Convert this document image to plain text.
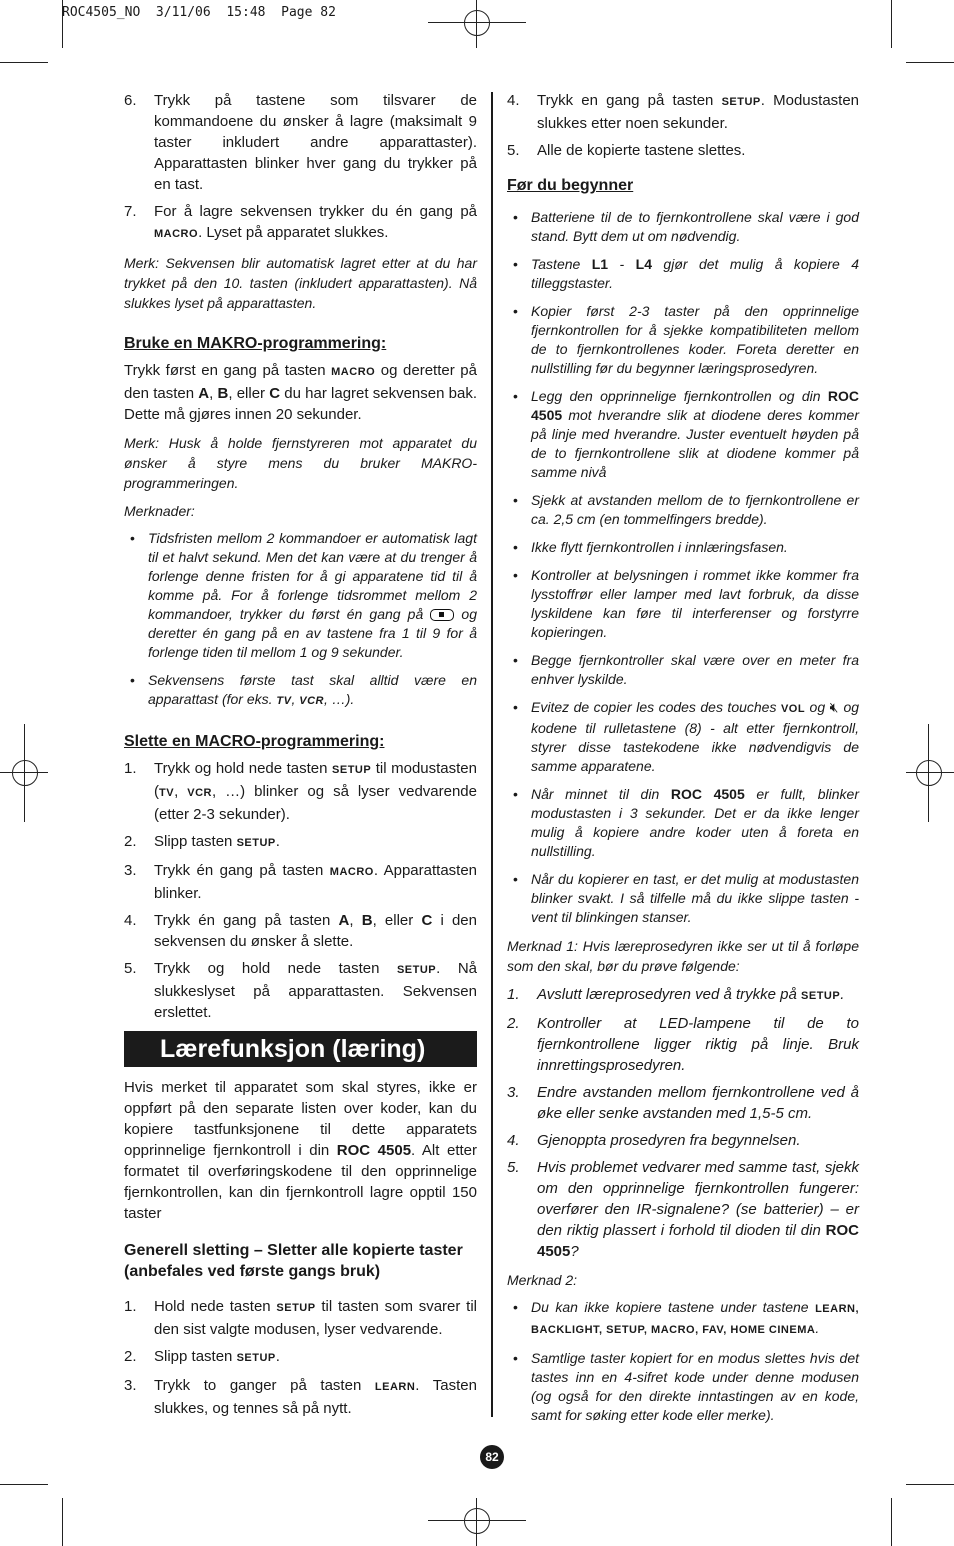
ROC4505_NO  3/11/06  15:48  Page 82
6. Trykk på tastene som tilsvarer de kommandoene du ønsker å lagre (maksimalt 9 taster inkludert andre apparattaster). Apparattasten blinker hver gang du trykker på en tast.
7. For å lagre sekvensen trykker du én gang på MACRO. Lyset på apparatet slukkes.

Merk: Sekvensen blir automatisk lagret etter at du har trykket på den 10. tasten (inkludert apparattasten). Nå slukkes lyset på apparattasten.

Bruke en MAKRO-programmering:

Trykk først en gang på tasten MACRO og deretter på den tasten A, B, eller C du har lagret sekvensen bak. Dette må gjøres innen 20 sekunder.

Merk: Husk å holde fjernstyreren mot apparatet du ønsker å styre mens du bruker MAKRO-programmeringen.

Merknader:

• Tidsfristen mellom 2 kommandoer er automatisk lagt til et halvt sekund. Men det kan være at du trenger å forlenge denne fristen for å gi apparatene tid til å komme på. For å forlenge tidsrommet mellom 2 kommandoer, trykker du først én gang på	og deretter én gang på en av tastene fra 1 til 9 for å forlenge tiden til mellom 1 og 9 sekunder.
• Sekvensens første tast skal alltid være en apparattast (for eks. TV, VCR, …).
Slette en MACRO-programmering:
1. Trykk og hold nede tasten SETUP til modustasten (TV, VCR, …) blinker og så lyser vedvarende (etter 2-3 sekunder).
2. Slipp tasten SETUP.
3. Trykk én gang på tasten MACRO. Apparattasten blinker.
4. Trykk én gang på tasten A, B, eller C i den sekvensen du ønsker å slette.
5. Trykk og hold nede tasten SETUP. Nå slukkeslyset på apparattasten. Sekvensen erslettet.
Lærefunksjon (læring)

Hvis merket til apparatet som skal styres, ikke er oppført på den separate listen over koder, kan du kopiere tastfunksjonene til dette apparatets opprinnelige fjernkontroll i din ROC 4505. Alt etter formatet til overføringskodene til den opprinnelige fjernkontrollen, kan din fjernkontroll lagre opptil 150 taster

Generell sletting – Sletter alle kopierte taster (anbefales ved første gangs bruk)
1. Hold nede tasten SETUP til tasten som svarer til den sist valgte modusen, lyser vedvarende.
2. Slipp tasten SETUP.
3. Trykk to ganger på tasten LEARN. Tasten slukkes, og tennes så på nytt.
4. Trykk en gang på tasten SETUP. Modustasten slukkes etter noen sekunder.
5. Alle de kopierte tastene slettes.
Før du begynner
• Batteriene til de to fjernkontrollene skal være i god stand. Bytt dem ut om nødvendig.
• Tastene L1 - L4 gjør det mulig å kopiere 4 tilleggstaster.
• Kopier først 2-3 taster på den opprinnelige fjernkontrollen for å sjekke kompatibiliteten mellom de to fjernkontrollenes koder. Foreta deretter en nullstilling før du begynner læringsprosedyren.
• Legg den opprinnelige fjernkontrollen og din ROC 4505 mot hverandre slik at diodene deres kommer på linje med hverandre. Juster eventuelt høyden på de to fjernkontrollene slik at diodene kommer på samme nivå
• Sjekk at avstanden mellom de to fjernkontrollene er ca. 2,5 cm (en tommelfingers bredde).
• Ikke flytt fjernkontrollen i innlæringsfasen.
• Kontroller at belysningen i rommet ikke kommer fra lysstoffrør eller lamper med lavt forbruk, da disse lyskildene kan føre til interferenser og forstyrre kopieringen.
• Begge fjernkontroller skal være over en meter fra enhver lyskilde.
• Evitez de copier les codes des touches VOL og 🔇︎ og kodene til rulletastene (8) - alt etter fjernkontroll, styrer disse tastekodene ikke nødvendigvis de samme apparatene.
• Når minnet til din ROC 4505 er fullt, blinker modustasten i 3 sekunder. Det er da ikke lenger mulig å kopiere andre koder uten å foreta en nullstilling.
• Når du kopierer en tast, er det mulig at modustasten blinker svakt. I så tilfelle må du ikke slippe tasten - vent til blinkingen stanser.

Merknad 1: Hvis læreprosedyren ikke ser ut til å forløpe som den skal, bør du prøve følgende:

1. Avslutt læreprosedyren ved å trykke på SETUP.
2. Kontroller at LED-lampene til de to fjernkontrollene ligger riktig på linje. Bruk innrettingsprosedyren.
3. Endre avstanden mellom fjernkontrollene ved å øke eller senke avstanden med 1,5-5 cm.
4. Gjenoppta prosedyren fra begynnelsen.
5. Hvis problemet vedvarer med samme tast, sjekk om den opprinnelige fjernkontrollen fungerer: overfører den IR-signalene? (se batterier) – er den riktig plassert i forhold til dioden til din ROC 4505?

Merknad 2:

• Du kan ikke kopiere tastene under tastene LEARN, BACKLIGHT, SETUP, MACRO, FAV, HOME CINEMA.
• Samtlige taster kopiert for en modus slettes hvis det tastes inn en 4-sifret kode under denne modusen (og også for den direkte inntastingen av en kode, samt for søking etter kode eller merke).
82
